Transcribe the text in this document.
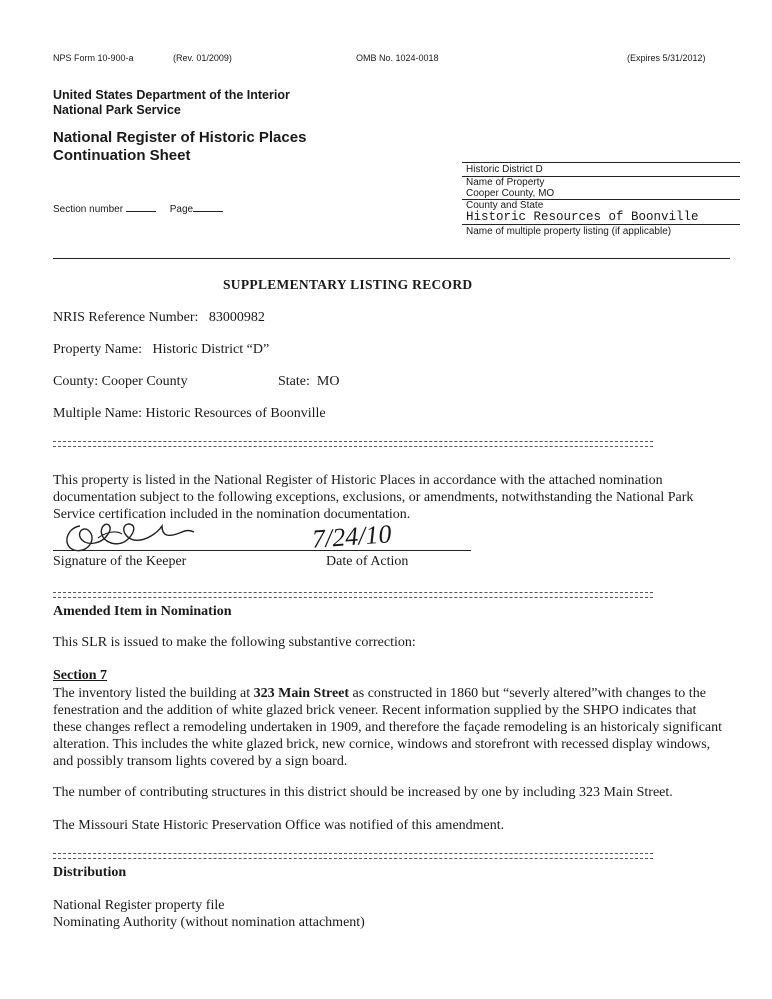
NPS Form 10-900-a	(Rev. 01/2009)	OMB No. 1024-0018	(Expires 5/31/2012)
United States Department of the Interior
National Park Service
National Register of Historic Places
Continuation Sheet
Section number	Page
Historic District D
Name of Property
Cooper County, MO
County and State
Historic Resources of Boonville
Name of multiple property listing (if applicable)
SUPPLEMENTARY LISTING RECORD
NRIS Reference Number: 83000982
Property Name: Historic District “D”
County: Cooper County	State: MO
Multiple Name: Historic Resources of Boonville

This property is listed in the National Register of Historic Places in accordance with the attached nomination documentation subject to the following exceptions, exclusions, or amendments, notwithstanding the National Park Service certification included in the nomination documentation.

7/24/10
Signature of the Keeper	Date of Action
Amended Item in Nomination
This SLR is issued to make the following substantive correction:
Section 7

The inventory listed the building at 323 Main Street as constructed in 1860 but “severly altered”with changes to the fenestration and the addition of white glazed brick veneer. Recent information supplied by the SHPO indicates that these changes reflect a remodeling undertaken in 1909, and therefore the façade remodeling is an historicaly significant alteration. This includes the white glazed brick, new cornice, windows and storefront with recessed display windows, and possibly transom lights covered by a sign board.

The number of contributing structures in this district should be increased by one by including 323 Main Street.
The Missouri State Historic Preservation Office was notified of this amendment.
Distribution
National Register property file
Nominating Authority (without nomination attachment)
